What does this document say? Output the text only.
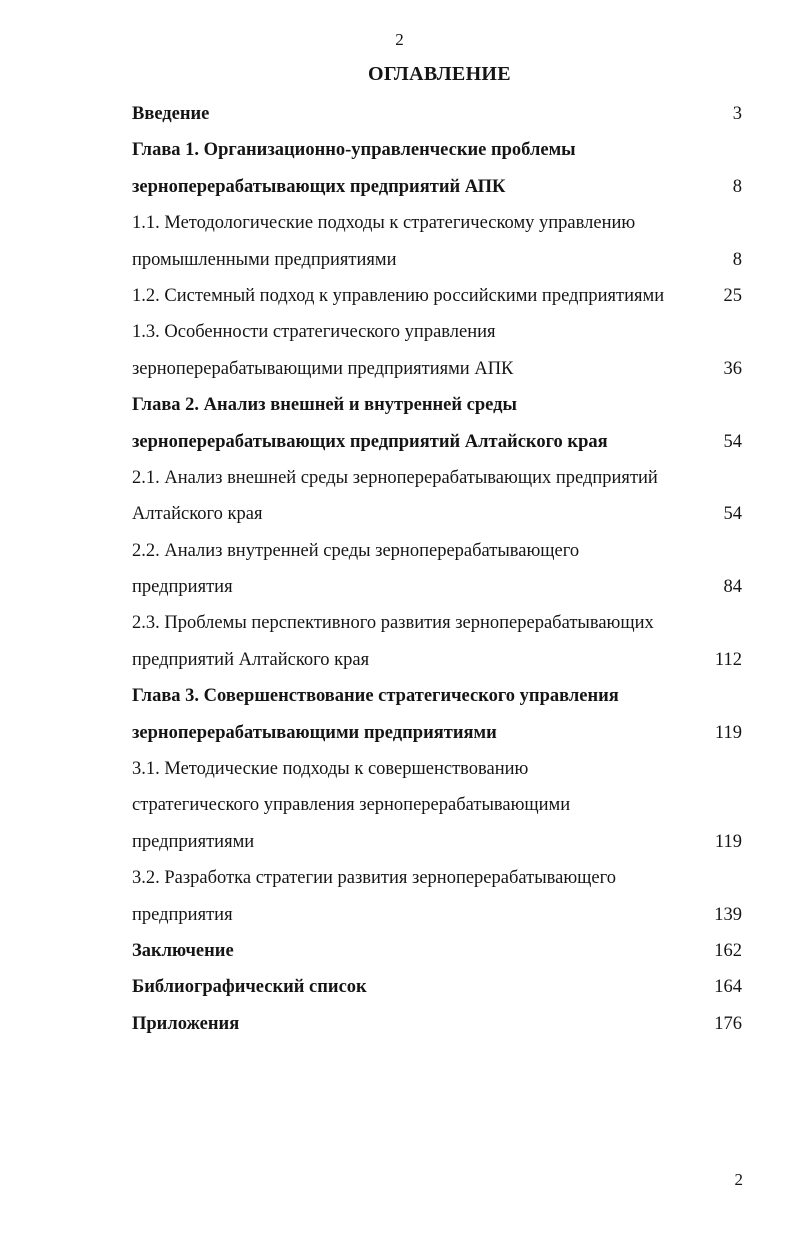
2
ОГЛАВЛЕНИЕ
Введение	3
Глава 1. Организационно-управленческие проблемы
зерноперерабатывающих предприятий АПК	8
1.1. Методологические подходы к стратегическому управлению
промышленными предприятиями	8
1.2. Системный подход к управлению российскими предприятиями	25
1.3. Особенности стратегического управления
зерноперерабатывающими предприятиями АПК	36
Глава 2. Анализ внешней и внутренней среды
зерноперерабатывающих предприятий Алтайского края	54
2.1. Анализ внешней среды зерноперерабатывающих предприятий
Алтайского края	54
2.2. Анализ внутренней среды зерноперерабатывающего
предприятия	84
2.3. Проблемы перспективного развития зерноперерабатывающих
предприятий Алтайского края	112
Глава 3. Совершенствование стратегического управления
зерноперерабатывающими предприятиями	119
3.1. Методические подходы к совершенствованию
стратегического управления зерноперерабатывающими
предприятиями	119
3.2. Разработка стратегии развития зерноперерабатывающего
предприятия	139
Заключение	162
Библиографический список	164
Приложения	176
2
